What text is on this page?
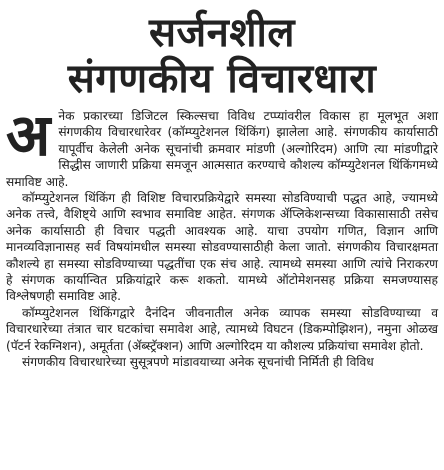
सर्जनशील
संगणकीय विचारधारा
अ नेक प्रकारच्या डिजिटल स्किल्सचा विविध टप्प्यांवरील विकास हा मूलभूत अशा संगणकीय विचारधारेवर (कॉम्प्युटेशनल थिंकिंग) झालेला आहे. संगणकीय कार्यासाठी यापूर्वीच केलेली अनेक सूचनांची क्रमवार मांडणी (अल्गोरिदम) आणि त्या मांडणीद्वारे सिद्धीस जाणारी प्रक्रिया समजून आत्मसात करण्याचे कौशल्य कॉम्प्युटेशनल थिंकिंगमध्ये समाविष्ट आहे.

कॉम्प्युटेशनल थिंकिंग ही विशिष्ट विचारप्रक्रियेद्वारे समस्या सोडविण्याची पद्धत आहे, ज्यामध्ये अनेक तत्त्वे, वैशिष्ट्ये आणि स्वभाव समाविष्ट आहेत. संगणक ॲप्लिकेशन्सच्या विकासासाठी तसेच अनेक कार्यासाठी ही विचार पद्धती आवश्यक आहे. याचा उपयोग गणित, विज्ञान आणि मानव्यविज्ञानासह सर्व विषयांमधील समस्या सोडवण्यासाठीही केला जातो. संगणकीय विचारक्षमता कौशल्ये हा समस्या सोडविण्याच्या पद्धतींचा एक संच आहे. त्यामध्ये समस्या आणि त्यांचे निराकरण हे संगणक कार्यान्वित प्रक्रियांद्वारे करू शकतो. यामध्ये ऑटोमेशनसह प्रक्रिया समजण्यासह विश्लेषणही समाविष्ट आहे.

कॉम्प्युटेशनल थिंकिंगद्वारे दैनंदिन जीवनातील अनेक व्यापक समस्या सोडविण्याच्या व विचारधारेच्या तंत्रात चार घटकांचा समावेश आहे, त्यामध्ये विघटन (डिकम्पोझिशन), नमुना ओळख (पॅटर्न रेकग्निशन), अमूर्तता (ॲब्स्ट्रॅक्शन) आणि अल्गोरिदम या कौशल्य प्रक्रियांचा समावेश होतो.

संगणकीय विचारधारेच्या सुसूत्रपणे मांडावयाच्या अनेक सूचनांची निर्मिती ही विविध
